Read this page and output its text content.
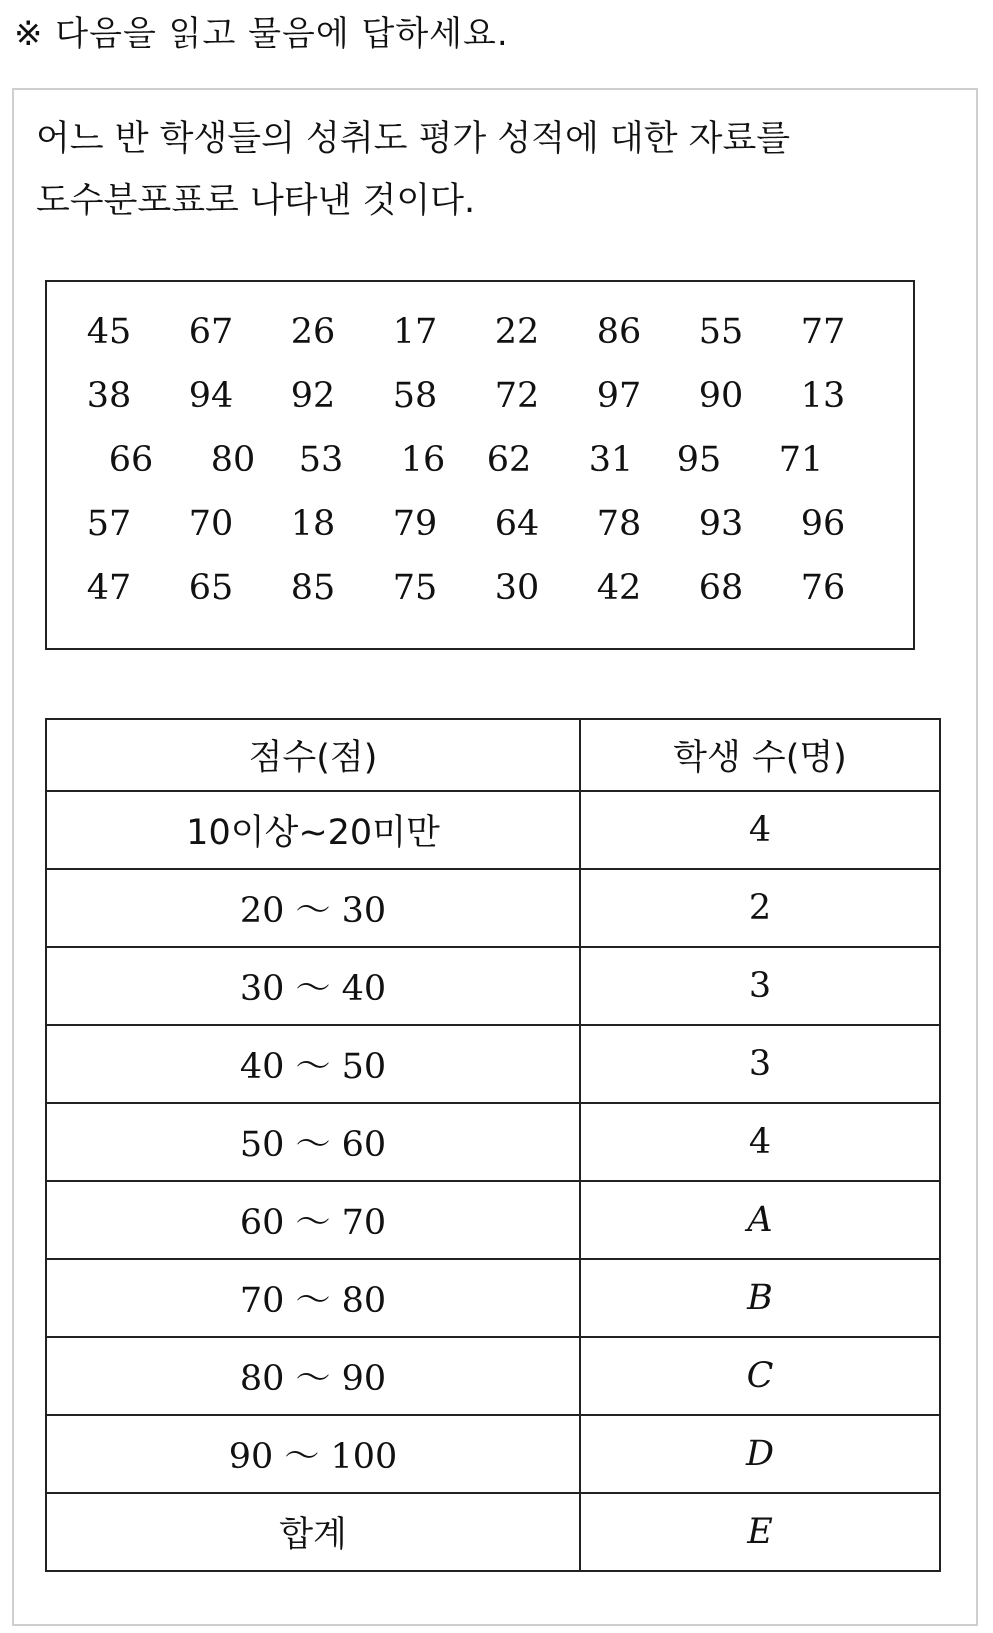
※ 다음을 읽고 물음에 답하세요.
어느 반 학생들의 성취도 평가 성적에 대한 자료를
도수분포표로 나타낸 것이다.
45	67	26	17	22	86	55	77
38	94	92	58	72	97	90	13
66	80	53	16	62	31	95	71
57	70	18	79	64	78	93	96
47	65	85	75	30	42	68	76
점수(점)	학생 수(명)
10이상~20미만	4
20 ～ 30	2
30 ～ 40	3
40 ～ 50	3
50 ～ 60	4
60 ～ 70	A
70 ～ 80	B
80 ～ 90	C
90 ～ 100	D
합계	E
